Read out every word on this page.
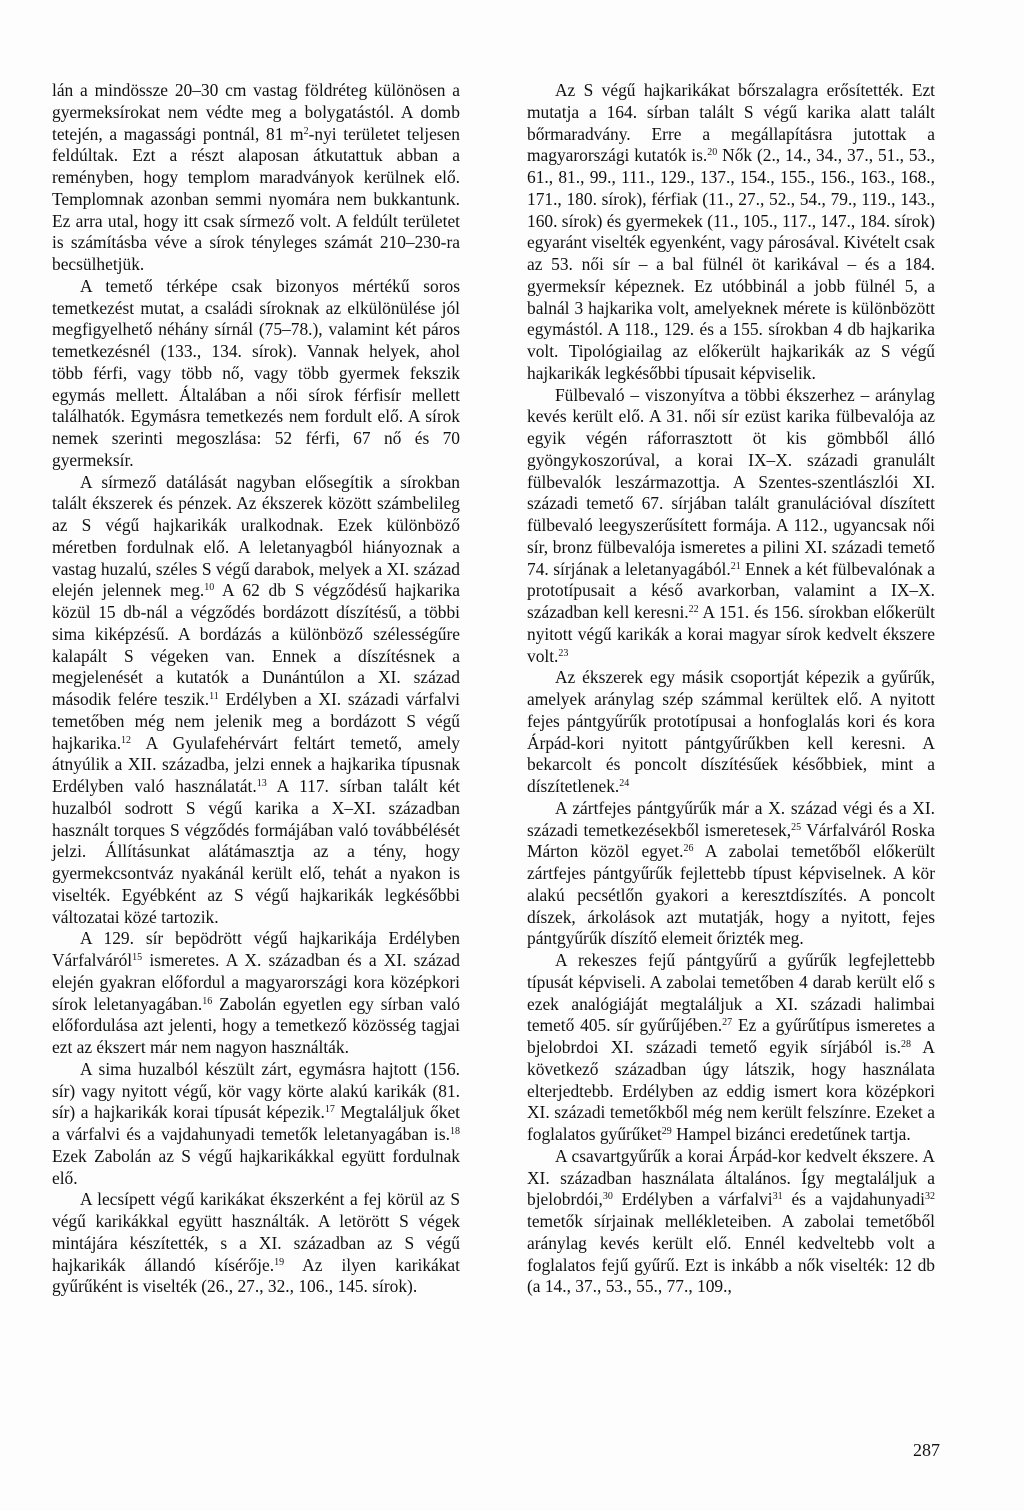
lán a mindössze 20–30 cm vastag földréteg különösen a gyermeksírokat nem védte meg a bolygatástól. A domb tetején, a magassági pontnál, 81 $m^2$-nyi területet teljesen feldúltak. Ezt a részt alaposan átkutattuk abban a reményben, hogy templom maradványok kerülnek elő. Templomnak azonban semmi nyomára nem bukkantunk. Ez arra utal, hogy itt csak sírmező volt. A feldúlt területet is számításba véve a sírok tényleges számát 210–230-ra becsülhetjük.

A temető térképe csak bizonyos mértékű soros temetkezést mutat, a családi síroknak az elkülönülése jól megfigyelhető néhány sírnál (75–78.), valamint két páros temetkezésnél (133., 134. sírok). Vannak helyek, ahol több férfi, vagy több nő, vagy több gyermek fekszik egymás mellett. Általában a női sírok férfisír mellett találhatók. Egymásra temetkezés nem fordult elő. A sírok nemek szerinti megoszlása: 52 férfi, 67 nő és 70 gyermeksír.

A sírmező datálását nagyban elősegítik a sírokban talált ékszerek és pénzek. Az ékszerek között számbelileg az S végű hajkarikák uralkodnak. Ezek különböző méretben fordulnak elő. A leletanyagból hiányoznak a vastag huzalú, széles S végű darabok, melyek a XI. század elején jelennek meg.$^{10}$ A 62 db S végződésű hajkarika közül 15 db-nál a végződés bordázott díszítésű, a többi sima kiképzésű. A bordázás a különböző szélességűre kalapált S végeken van. Ennek a díszítésnek a megjelenését a kutatók a Dunántúlon a XI. század második felére teszik.$^{11}$ Erdélyben a XI. századi várfalvi temetőben még nem jelenik meg a bordázott S végű hajkarika.$^{12}$ A Gyulafehérvárt feltárt temető, amely átnyúlik a XII. századba, jelzi ennek a hajkarika típusnak Erdélyben való használatát.$^{13}$ A 117. sírban talált két huzalból sodrott S végű karika a X–XI. században használt torques S végződés formájában való továbbélését jelzi. Állításunkat alátámasztja az a tény, hogy gyermekcsontváz nyakánál került elő, tehát a nyakon is viselték. Egyébként az S végű hajkarikák legkésőbbi változatai közé tartozik.

A 129. sír bepödrött végű hajkarikája Erdélyben Várfalváról$^{15}$ ismeretes. A X. században és a XI. század elején gyakran előfordul a magyarországi kora középkori sírok leletanyagában.$^{16}$ Zabolán egyetlen egy sírban való előfordulása azt jelenti, hogy a temetkező közösség tagjai ezt az ékszert már nem nagyon használták.

A sima huzalból készült zárt, egymásra hajtott (156. sír) vagy nyitott végű, kör vagy körte alakú karikák (81. sír) a hajkarikák korai típusát képezik.$^{17}$ Megtaláljuk őket a várfalvi és a vajdahunyadi temetők leletanyagában is.$^{18}$ Ezek Zabolán az S végű hajkarikákkal együtt fordulnak elő.

A lecsípett végű karikákat ékszerként a fej körül az S végű karikákkal együtt használták. A letörött S végek mintájára készítették, s a XI. században az S végű hajkarikák állandó kísérője.$^{19}$ Az ilyen karikákat gyűrűként is viselték (26., 27., 32., 106., 145. sírok).

Az S végű hajkarikákat bőrszalagra erősítették. Ezt mutatja a 164. sírban talált S végű karika alatt talált bőrmaradvány. Erre a megállapításra jutottak a magyarországi kutatók is.$^{20}$ Nők (2., 14., 34., 37., 51., 53., 61., 81., 99., 111., 129., 137., 154., 155., 156., 163., 168., 171., 180. sírok), férfiak (11., 27., 52., 54., 79., 119., 143., 160. sírok) és gyermekek (11., 105., 117., 147., 184. sírok) egyaránt viselték egyenként, vagy párosával. Kivételt csak az 53. női sír – a bal fülnél öt karikával – és a 184. gyermeksír képeznek. Ez utóbbinál a jobb fülnél 5, a balnál 3 hajkarika volt, amelyeknek mérete is különbözött egymástól. A 118., 129. és a 155. sírokban 4 db hajkarika volt. Tipológiailag az előkerült hajkarikák az S végű hajkarikák legkésőbbi típusait képviselik.

Fülbevaló – viszonyítva a többi ékszerhez – aránylag kevés került elő. A 31. női sír ezüst karika fülbevalója az egyik végén ráforrasztott öt kis gömbből álló gyöngykoszorúval, a korai IX–X. századi granulált fülbevalók leszármazottja. A Szentes-szentlászlói XI. századi temető 67. sírjában talált granulációval díszített fülbevaló leegyszerűsített formája. A 112., ugyancsak női sír, bronz fülbevalója ismeretes a pilini XI. századi temető 74. sírjának a leletanyagából.$^{21}$ Ennek a két fülbevalónak a prototípusait a késő avarkorban, valamint a IX–X. században kell keresni.$^{22}$ A 151. és 156. sírokban előkerült nyitott végű karikák a korai magyar sírok kedvelt ékszere volt.$^{23}$

Az ékszerek egy másik csoportját képezik a gyűrűk, amelyek aránylag szép számmal kerültek elő. A nyitott fejes pántgyűrűk prototípusai a honfoglalás kori és kora Árpád-kori nyitott pántgyűrűkben kell keresni. A bekarcolt és poncolt díszítésűek későbbiek, mint a díszítetlenek.$^{24}$

A zártfejes pántgyűrűk már a X. század végi és a XI. századi temetkezésekből ismeretesek,$^{25}$ Várfalváról Roska Márton közöl egyet.$^{26}$ A zabolai temetőből előkerült zártfejes pántgyűrűk fejlettebb típust képviselnek. A kör alakú pecsétlőn gyakori a keresztdíszítés. A poncolt díszek, árkolások azt mutatják, hogy a nyitott, fejes pántgyűrűk díszítő elemeit őrizték meg.

A rekeszes fejű pántgyűrű a gyűrűk legfejlettebb típusát képviseli. A zabolai temetőben 4 darab került elő s ezek analógiáját megtaláljuk a XI. századi halimbai temető 405. sír gyűrűjében.$^{27}$ Ez a gyűrűtípus ismeretes a bjelobrdoi XI. századi temető egyik sírjából is.$^{28}$ A következő században úgy látszik, hogy használata elterjedtebb. Erdélyben az eddig ismert kora középkori XI. századi temetőkből még nem került felszínre. Ezeket a foglalatos gyűrűket$^{29}$ Hampel bizánci eredetűnek tartja.

A csavartgyűrűk a korai Árpád-kor kedvelt ékszere. A XI. században használata általános. Így megtaláljuk a bjelobrdói,$^{30}$ Erdélyben a várfalvi$^{31}$ és a vajdahunyadi$^{32}$ temetők sírjainak mellékleteiben. A zabolai temetőből aránylag kevés került elő. Ennél kedveltebb volt a foglalatos fejű gyűrű. Ezt is inkább a nők viselték: 12 db (a 14., 37., 53., 55., 77., 109.,

287
